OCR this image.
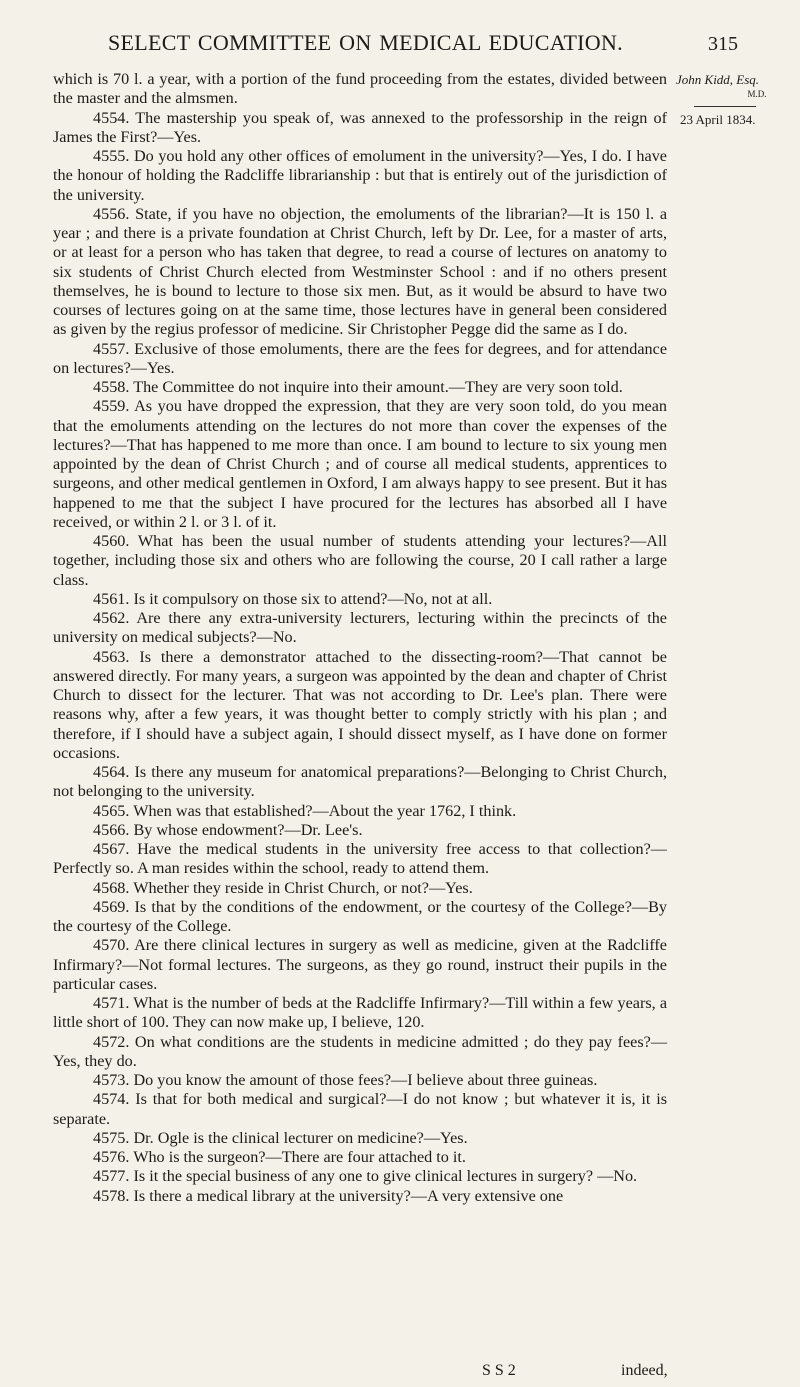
SELECT COMMITTEE ON MEDICAL EDUCATION.	315

which is 70 l. a year, with a portion of the fund proceeding from the estates, divided between the master and the almsmen.

4554. The mastership you speak of, was annexed to the professorship in the reign of James the First?—Yes.

4555. Do you hold any other offices of emolument in the university?—Yes, I do. I have the honour of holding the Radcliffe librarianship : but that is entirely out of the jurisdiction of the university.

4556. State, if you have no objection, the emoluments of the librarian?—It is 150 l. a year ; and there is a private foundation at Christ Church, left by Dr. Lee, for a master of arts, or at least for a person who has taken that degree, to read a course of lectures on anatomy to six students of Christ Church elected from Westminster School : and if no others present themselves, he is bound to lecture to those six men. But, as it would be absurd to have two courses of lectures going on at the same time, those lectures have in general been considered as given by the regius professor of medicine. Sir Christopher Pegge did the same as I do.

4557. Exclusive of those emoluments, there are the fees for degrees, and for attendance on lectures?—Yes.

4558. The Committee do not inquire into their amount.—They are very soon told.

4559. As you have dropped the expression, that they are very soon told, do you mean that the emoluments attending on the lectures do not more than cover the expenses of the lectures?—That has happened to me more than once. I am bound to lecture to six young men appointed by the dean of Christ Church ; and of course all medical students, apprentices to surgeons, and other medical gentlemen in Oxford, I am always happy to see present. But it has happened to me that the subject I have procured for the lectures has absorbed all I have received, or within 2 l. or 3 l. of it.

4560. What has been the usual number of students attending your lectures?—All together, including those six and others who are following the course, 20 I call rather a large class.

4561. Is it compulsory on those six to attend?—No, not at all.

4562. Are there any extra-university lecturers, lecturing within the precincts of the university on medical subjects?—No.

4563. Is there a demonstrator attached to the dissecting-room?—That cannot be answered directly. For many years, a surgeon was appointed by the dean and chapter of Christ Church to dissect for the lecturer. That was not according to Dr. Lee's plan. There were reasons why, after a few years, it was thought better to comply strictly with his plan ; and therefore, if I should have a subject again, I should dissect myself, as I have done on former occasions.

4564. Is there any museum for anatomical preparations?—Belonging to Christ Church, not belonging to the university.

4565. When was that established?—About the year 1762, I think.

4566. By whose endowment?—Dr. Lee's.

4567. Have the medical students in the university free access to that collection?—Perfectly so. A man resides within the school, ready to attend them.

4568. Whether they reside in Christ Church, or not?—Yes.

4569. Is that by the conditions of the endowment, or the courtesy of the College?—By the courtesy of the College.

4570. Are there clinical lectures in surgery as well as medicine, given at the Radcliffe Infirmary?—Not formal lectures. The surgeons, as they go round, instruct their pupils in the particular cases.

4571. What is the number of beds at the Radcliffe Infirmary?—Till within a few years, a little short of 100. They can now make up, I believe, 120.

4572. On what conditions are the students in medicine admitted ; do they pay fees?—Yes, they do.

4573. Do you know the amount of those fees?—I believe about three guineas.

4574. Is that for both medical and surgical?—I do not know ; but whatever it is, it is separate.

4575. Dr. Ogle is the clinical lecturer on medicine?—Yes.

4576. Who is the surgeon?—There are four attached to it.

4577. Is it the special business of any one to give clinical lectures in surgery? —No.

4578. Is there a medical library at the university?—A very extensive one

John Kidd, Esq.
M.D.
23 April 1834.
S S 2	indeed,
